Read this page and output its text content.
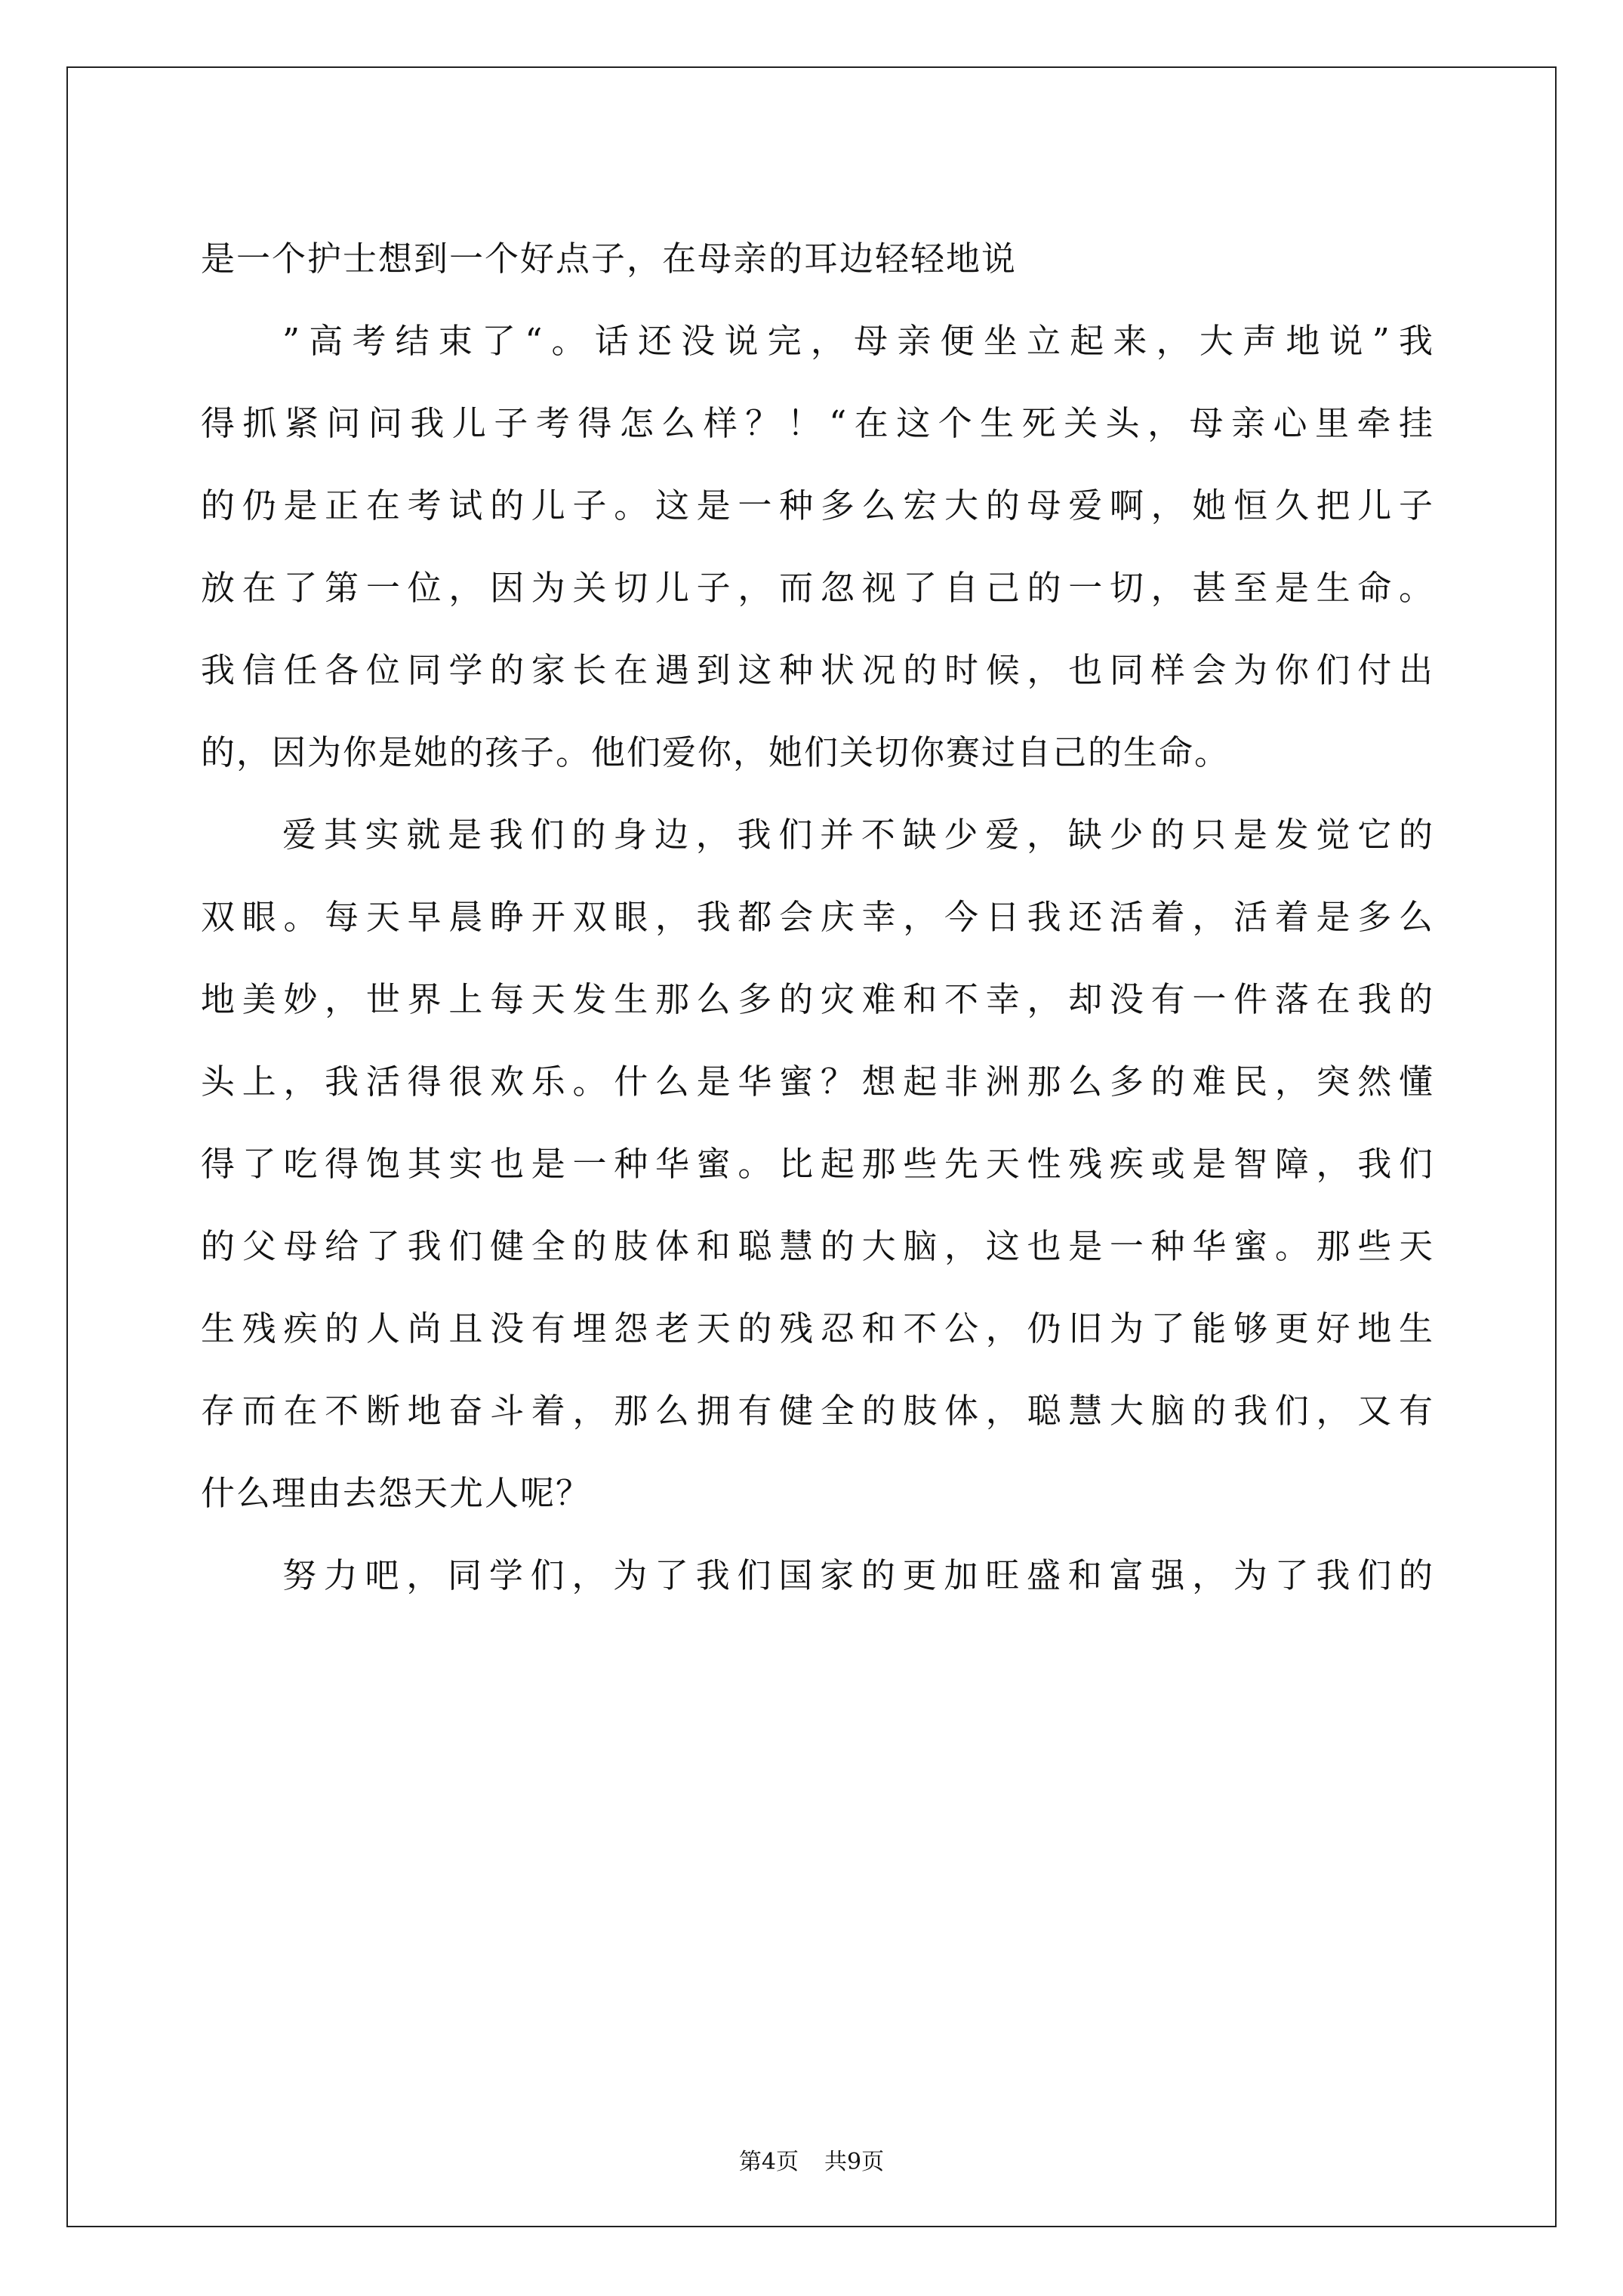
是一个护士想到一个好点子，在母亲的耳边轻轻地说
”高考结束了“。话还没说完，母亲便坐立起来，大声地说”我
得抓紧问问我儿子考得怎么样？！“在这个生死关头，母亲心里牵挂
的仍是正在考试的儿子。这是一种多么宏大的母爱啊，她恒久把儿子
放在了第一位，因为关切儿子，而忽视了自己的一切，甚至是生命。
我信任各位同学的家长在遇到这种状况的时候，也同样会为你们付出
的，因为你是她的孩子。他们爱你，她们关切你赛过自己的生命。
爱其实就是我们的身边，我们并不缺少爱，缺少的只是发觉它的
双眼。每天早晨睁开双眼，我都会庆幸，今日我还活着，活着是多么
地美妙，世界上每天发生那么多的灾难和不幸，却没有一件落在我的
头上，我活得很欢乐。什么是华蜜？想起非洲那么多的难民，突然懂
得了吃得饱其实也是一种华蜜。比起那些先天性残疾或是智障，我们
的父母给了我们健全的肢体和聪慧的大脑，这也是一种华蜜。那些天
生残疾的人尚且没有埋怨老天的残忍和不公，仍旧为了能够更好地生
存而在不断地奋斗着，那么拥有健全的肢体，聪慧大脑的我们，又有
什么理由去怨天尤人呢？
努力吧，同学们，为了我们国家的更加旺盛和富强，为了我们的
第4页 共9页
